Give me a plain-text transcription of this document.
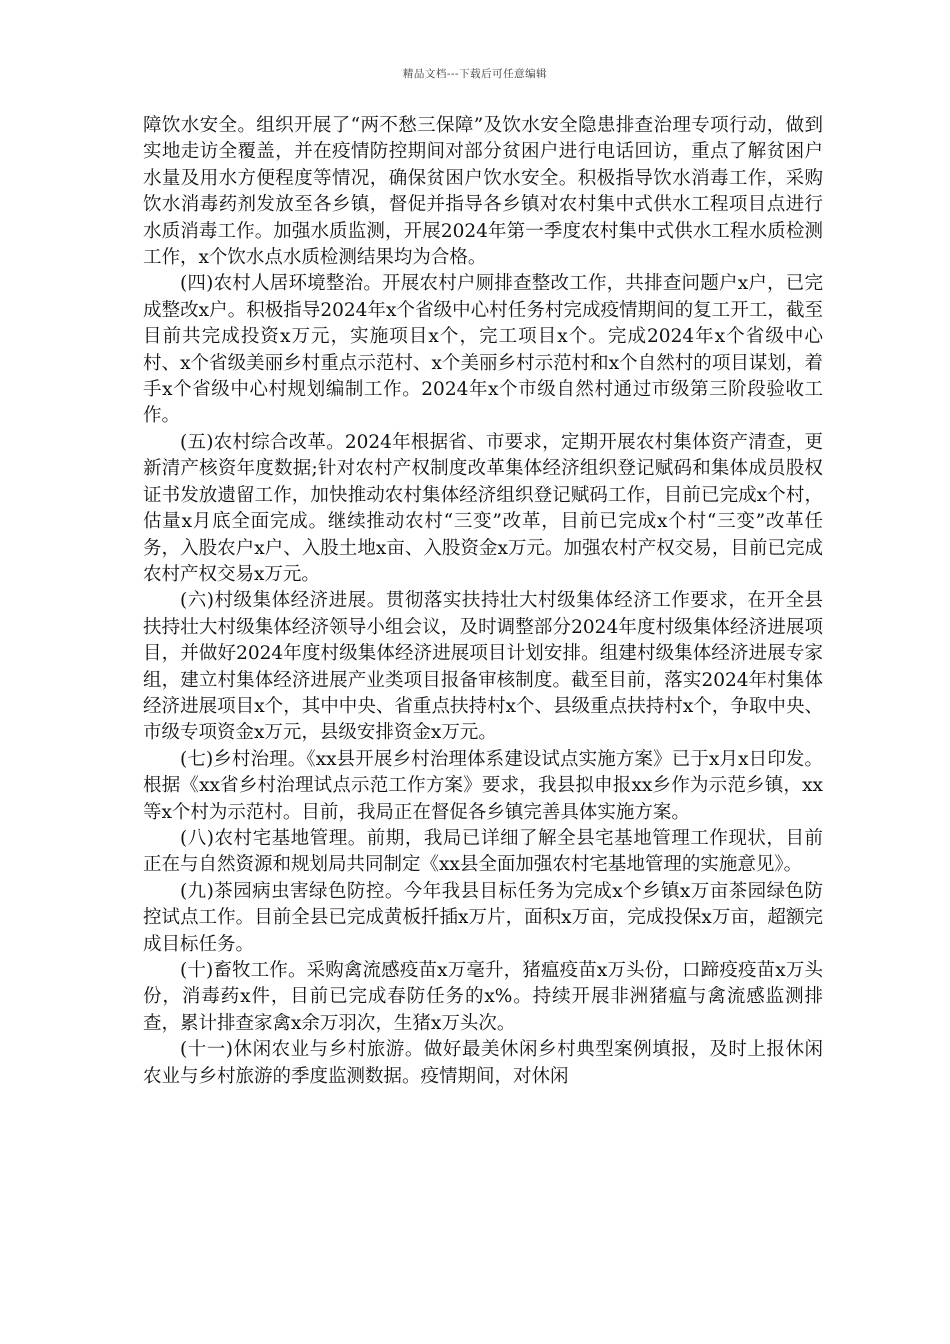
精品文档---下载后可任意编辑

障饮水安全。组织开展了“两不愁三保障”及饮水安全隐患排查治理专项行动，做到实地走访全覆盖，并在疫情防控期间对部分贫困户进行电话回访，重点了解贫困户水量及用水方便程度等情况，确保贫困户饮水安全。积极指导饮水消毒工作，采购饮水消毒药剂发放至各乡镇，督促并指导各乡镇对农村集中式供水工程项目点进行水质消毒工作。加强水质监测，开展2024年第一季度农村集中式供水工程水质检测工作，x个饮水点水质检测结果均为合格。

(四)农村人居环境整治。开展农村户厕排查整改工作，共排查问题户x户，已完成整改x户。积极指导2024年x个省级中心村任务村完成疫情期间的复工开工，截至目前共完成投资x万元，实施项目x个，完工项目x个。完成2024年x个省级中心村、x个省级美丽乡村重点示范村、x个美丽乡村示范村和x个自然村的项目谋划，着手x个省级中心村规划编制工作。2024年x个市级自然村通过市级第三阶段验收工作。

(五)农村综合改革。2024年根据省、市要求，定期开展农村集体资产清查，更新清产核资年度数据;针对农村产权制度改革集体经济组织登记赋码和集体成员股权证书发放遗留工作，加快推动农村集体经济组织登记赋码工作，目前已完成x个村，估量x月底全面完成。继续推动农村“三变”改革，目前已完成x个村“三变”改革任务，入股农户x户、入股土地x亩、入股资金x万元。加强农村产权交易，目前已完成农村产权交易x万元。

(六)村级集体经济进展。贯彻落实扶持壮大村级集体经济工作要求，在开全县扶持壮大村级集体经济领导小组会议，及时调整部分2024年度村级集体经济进展项目，并做好2024年度村级集体经济进展项目计划安排。组建村级集体经济进展专家组，建立村集体经济进展产业类项目报备审核制度。截至目前，落实2024年村集体经济进展项目x个，其中中央、省重点扶持村x个、县级重点扶持村x个，争取中央、市级专项资金x万元，县级安排资金x万元。

(七)乡村治理。《xx县开展乡村治理体系建设试点实施方案》已于x月x日印发。根据《xx省乡村治理试点示范工作方案》要求，我县拟申报xx乡作为示范乡镇，xx等x个村为示范村。目前，我局正在督促各乡镇完善具体实施方案。

(八)农村宅基地管理。前期，我局已详细了解全县宅基地管理工作现状，目前正在与自然资源和规划局共同制定《xx县全面加强农村宅基地管理的实施意见》。

(九)茶园病虫害绿色防控。今年我县目标任务为完成x个乡镇x万亩茶园绿色防控试点工作。目前全县已完成黄板扦插x万片，面积x万亩，完成投保x万亩，超额完成目标任务。

(十)畜牧工作。采购禽流感疫苗x万毫升，猪瘟疫苗x万头份，口蹄疫疫苗x万头份，消毒药x件，目前已完成春防任务的x%。持续开展非洲猪瘟与禽流感监测排查，累计排查家禽x余万羽次，生猪x万头次。

(十一)休闲农业与乡村旅游。做好最美休闲乡村典型案例填报，及时上报休闲农业与乡村旅游的季度监测数据。疫情期间，对休闲
